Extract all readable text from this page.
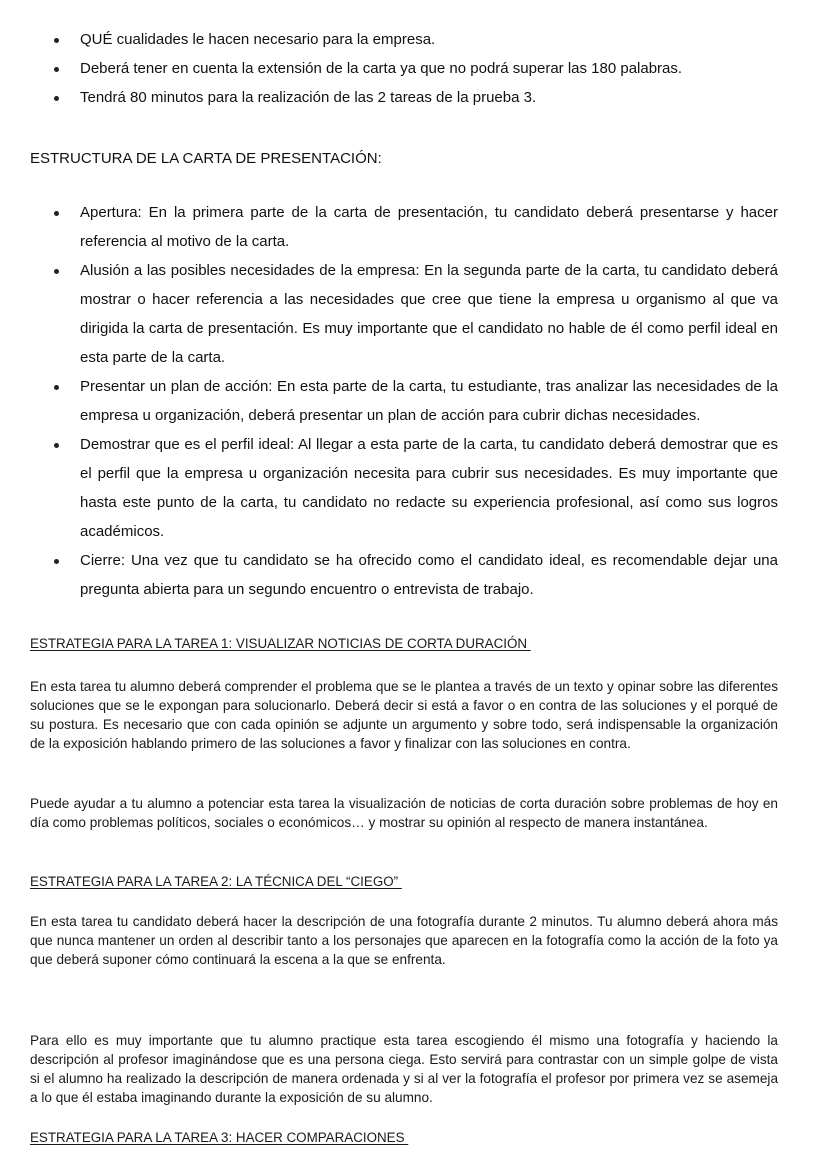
QUÉ cualidades le hacen necesario para la empresa.
Deberá tener en cuenta la extensión de la carta ya que no podrá superar las 180 palabras.
Tendrá 80 minutos para la realización de las 2 tareas de la prueba 3.
ESTRUCTURA DE LA CARTA DE PRESENTACIÓN:
Apertura: En la primera parte de la carta de presentación, tu candidato deberá presentarse y hacer referencia al motivo de la carta.
Alusión a las posibles necesidades de la empresa: En la segunda parte de la carta, tu candidato deberá mostrar o hacer referencia a las necesidades que cree que tiene la empresa u organismo al que va dirigida la carta de presentación. Es muy importante que el candidato no hable de él como perfil ideal en esta parte de la carta.
Presentar un plan de acción: En esta parte de la carta, tu estudiante, tras analizar las necesidades de la empresa u organización, deberá presentar un plan de acción para cubrir dichas necesidades.
Demostrar que es el perfil ideal: Al llegar a esta parte de la carta, tu candidato deberá demostrar que es el perfil que la empresa u organización necesita para cubrir sus necesidades. Es muy importante que hasta este punto de la carta, tu candidato no redacte su experiencia profesional, así como sus logros académicos.
Cierre: Una vez que tu candidato se ha ofrecido como el candidato ideal, es recomendable dejar una pregunta abierta para un segundo encuentro o entrevista de trabajo.
ESTRATEGIA PARA LA TAREA 1: VISUALIZAR NOTICIAS DE CORTA DURACIÓN

En esta tarea tu alumno deberá comprender el problema que se le plantea a través de un texto y opinar sobre las diferentes soluciones que se le expongan para solucionarlo. Deberá decir si está a favor o en contra de las soluciones y el porqué de su postura. Es necesario que con cada opinión se adjunte un argumento y sobre todo, será indispensable la organización de la exposición hablando primero de las soluciones a favor y finalizar con las soluciones en contra.

Puede ayudar a tu alumno a potenciar esta tarea la visualización de noticias de corta duración sobre problemas de hoy en día como problemas políticos, sociales o económicos… y mostrar su opinión al respecto de manera instantánea.

ESTRATEGIA PARA LA TAREA 2: LA TÉCNICA DEL “CIEGO”

En esta tarea tu candidato deberá hacer la descripción de una fotografía durante 2 minutos. Tu alumno deberá ahora más que nunca mantener un orden al describir tanto a los personajes que aparecen en la fotografía como la acción de la foto ya que deberá suponer cómo continuará la escena a la que se enfrenta.

Para ello es muy importante que tu alumno practique esta tarea escogiendo él mismo una fotografía y haciendo la descripción al profesor imaginándose que es una persona ciega. Esto servirá para contrastar con un simple golpe de vista si el alumno ha realizado la descripción de manera ordenada y si al ver la fotografía el profesor por primera vez se asemeja a lo que él estaba imaginando durante la exposición de su alumno.

ESTRATEGIA PARA LA TAREA 3: HACER COMPARACIONES
